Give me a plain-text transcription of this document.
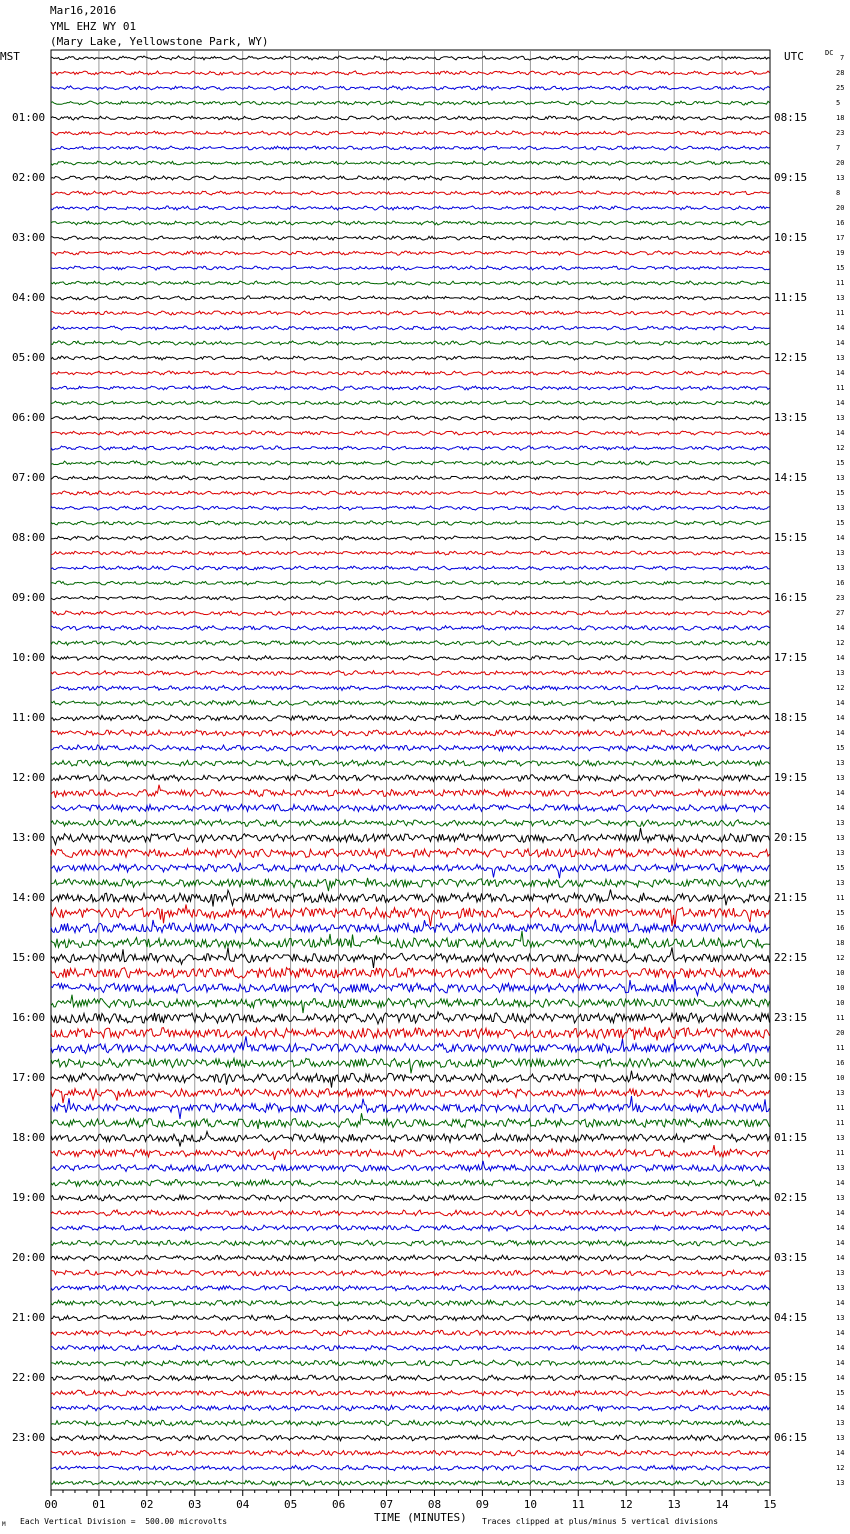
Mar16,2016
YML EHZ WY 01
(Mary Lake, Yellowstone Park, WY)
MST	UTC	DC
00	01	02	03	04	05	06	07	08	09	10	11	12	13	14	15
7
28
25
5
18
23
7
20
13
8
20
16
17
19
15
11
13
11
14
14
13
14
11
14
13
14
12
15
13
15
13
15
14
13
13
16
23
27
14
12
14
13
12
14
14
14
15
13
13
14
14
13
13
13
15
13
11
15
16
18
12
10
10
10
11
20
11
16
10
13
11
11
13
11
13
14
13
14
14
14
14
13
13
14
13
14
14
14
14
15
14
13
13
14
12
13
01:00	08:15
02:00	09:15
03:00	10:15
04:00	11:15
05:00	12:15
06:00	13:15
07:00	14:15
08:00	15:15
09:00	16:15
10:00	17:15
11:00	18:15
12:00	19:15
13:00	20:15
14:00	21:15
15:00	22:15
16:00	23:15
17:00	00:15
18:00	01:15
19:00	02:15
20:00	03:15
21:00	04:15
22:00	05:15
23:00	06:15
TIME (MINUTES)
Each Vertical Division =  500.00 microvolts	Traces clipped at plus/minus 5 vertical divisions
M
